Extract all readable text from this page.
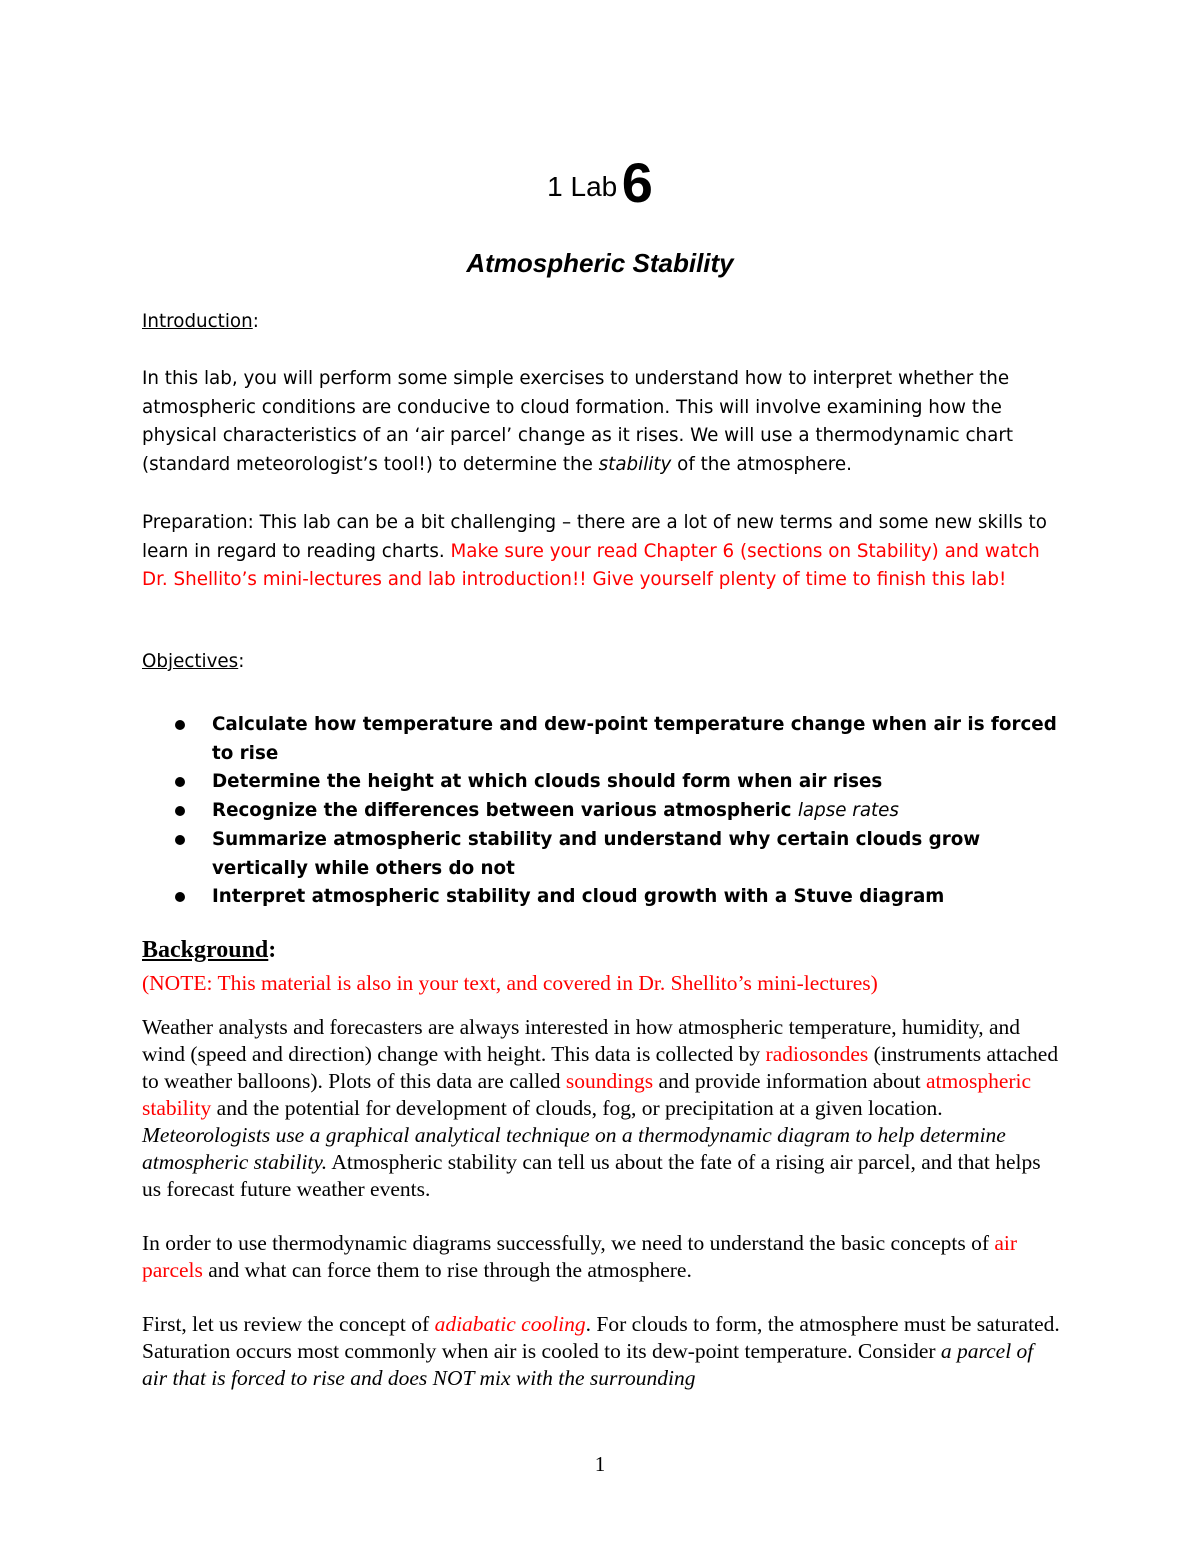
1 Lab 6
Atmospheric Stability
Introduction:
In this lab, you will perform some simple exercises to understand how to interpret whether the atmospheric conditions are conducive to cloud formation. This will involve examining how the physical characteristics of an ‘air parcel’ change as it rises. We will use a thermodynamic chart (standard meteorologist’s tool!) to determine the stability of the atmosphere.
Preparation: This lab can be a bit challenging – there are a lot of new terms and some new skills to learn in regard to reading charts. Make sure your read Chapter 6 (sections on Stability) and watch Dr. Shellito’s mini-lectures and lab introduction!! Give yourself plenty of time to finish this lab!
Objectives:
Calculate how temperature and dew-point temperature change when air is forced to rise
Determine the height at which clouds should form when air rises
Recognize the differences between various atmospheric lapse rates
Summarize atmospheric stability and understand why certain clouds grow vertically while others do not
Interpret atmospheric stability and cloud growth with a Stuve diagram
Background:
(NOTE: This material is also in your text, and covered in Dr. Shellito’s mini-lectures)
Weather analysts and forecasters are always interested in how atmospheric temperature, humidity, and wind (speed and direction) change with height. This data is collected by radiosondes (instruments attached to weather balloons). Plots of this data are called soundings and provide information about atmospheric stability and the potential for development of clouds, fog, or precipitation at a given location. Meteorologists use a graphical analytical technique on a thermodynamic diagram to help determine atmospheric stability. Atmospheric stability can tell us about the fate of a rising air parcel, and that helps us forecast future weather events.
In order to use thermodynamic diagrams successfully, we need to understand the basic concepts of air parcels and what can force them to rise through the atmosphere.
First, let us review the concept of adiabatic cooling. For clouds to form, the atmosphere must be saturated. Saturation occurs most commonly when air is cooled to its dew-point temperature. Consider a parcel of air that is forced to rise and does NOT mix with the surrounding
1
